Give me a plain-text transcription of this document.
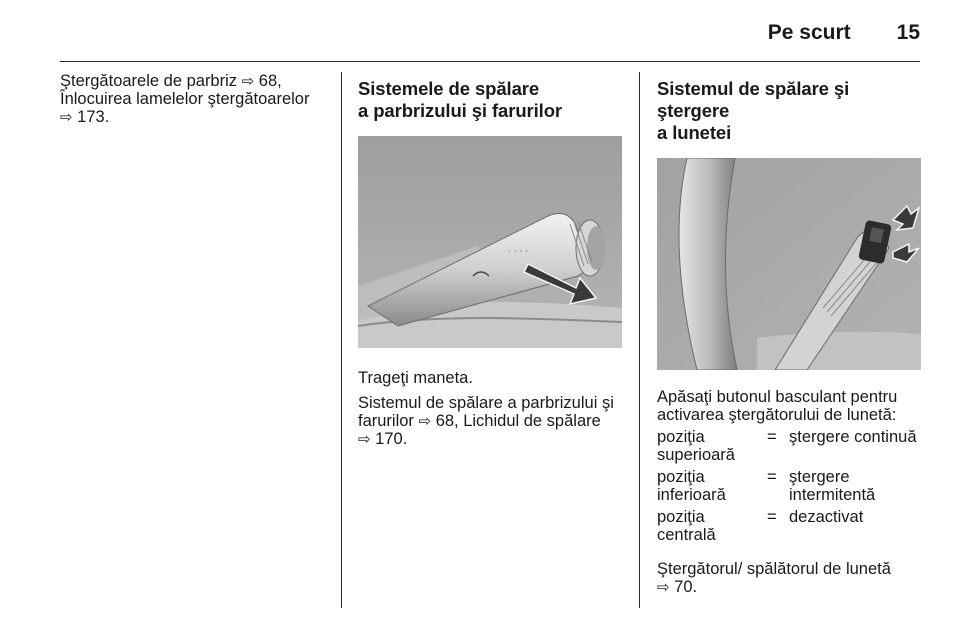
Pe scurt 15
Ştergătoarele de parbriz ⇨ 68,
Înlocuirea lamelelor ştergătoarelor
⇨ 173.
Sistemele de spălare
a parbrizului şi farurilor
· · · ·
Trageţi maneta.
Sistemul de spălare a parbrizului şi
farurilor ⇨ 68, Lichidul de spălare
⇨ 170.
Sistemul de spălare şi ştergere
a lunetei
Apăsaţi butonul basculant pentru
activarea ştergătorului de lunetă:
poziţia
superioară	=	ştergere continuă
poziţia
inferioară	=	ştergere
intermitentă
poziţia
centrală	=	dezactivat
Ştergătorul/ spălătorul de lunetă
⇨ 70.
